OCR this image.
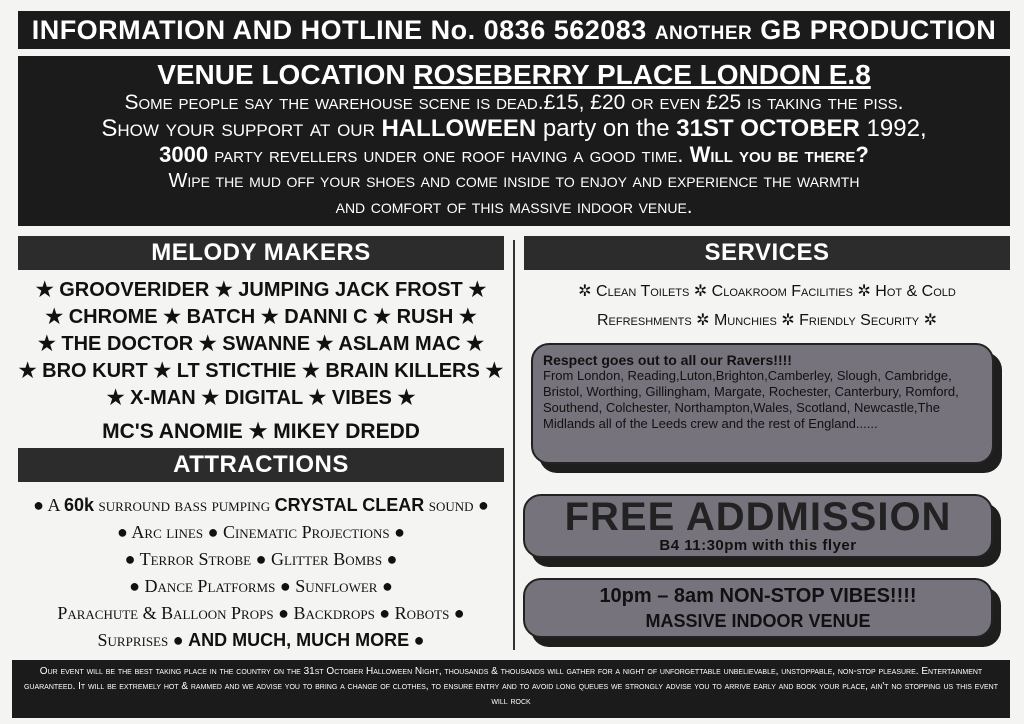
INFORMATION AND HOTLINE No. 0836 562083 ANOTHER GB PRODUCTION
VENUE LOCATION ROSEBERRY PLACE LONDON E.8
Some people say the warehouse scene is dead.£15, £20 or even £25 is taking the piss.
Show your support at our HALLOWEEN party on the 31ST OCTOBER 1992,
3000 party revellers under one roof having a good time. Will you be there?
Wipe the mud off your shoes and come inside to enjoy and experience the warmth
and comfort of this massive indoor venue.
MELODY MAKERS	SERVICES
★ GROOVERIDER ★ JUMPING JACK FROST ★
★ CHROME ★ BATCH ★ DANNI C ★ RUSH ★
★ THE DOCTOR ★ SWANNE ★ ASLAM MAC ★
★ BRO KURT ★ LT STICTHIE ★ BRAIN KILLERS ★
★ X-MAN ★ DIGITAL ★ VIBES ★
MC'S ANOMIE ★ MIKEY DREDD
ATTRACTIONS
● A 60k surround bass pumping CRYSTAL CLEAR sound ●
● Arc lines ● Cinematic Projections ●
● Terror Strobe ● Glitter Bombs ●
● Dance Platforms ● Sunflower ●
Parachute & Balloon Props ● Backdrops ● Robots ●
Surprises ● AND MUCH, MUCH MORE ●
✲ Clean Toilets ✲ Cloakroom Facilities ✲ Hot & Cold
Refreshments ✲ Munchies ✲ Friendly Security ✲
Respect goes out to all our Ravers!!!!
From London, Reading,Luton,Brighton,Camberley, Slough, Cambridge, Bristol, Worthing, Gillingham, Margate, Rochester, Canterbury, Romford, Southend, Colchester, Northampton,Wales, Scotland, Newcastle,The Midlands all of the Leeds crew and the rest of England......
FREE ADDMISSION
B4 11:30pm with this flyer
10pm – 8am NON-STOP VIBES!!!!
MASSIVE INDOOR VENUE
Our event will be the best taking place in the country on the 31st October Halloween Night, thousands & thousands will gather for a night of unforgettable unbelievable, unstoppable, non-stop pleasure. Entertainment guaranteed. It will be extremely hot & rammed and we advise you to bring a change of clothes, to ensure entry and to avoid long queues we strongly advise you to arrive early and book your place, ain't no stopping us this event will rock
